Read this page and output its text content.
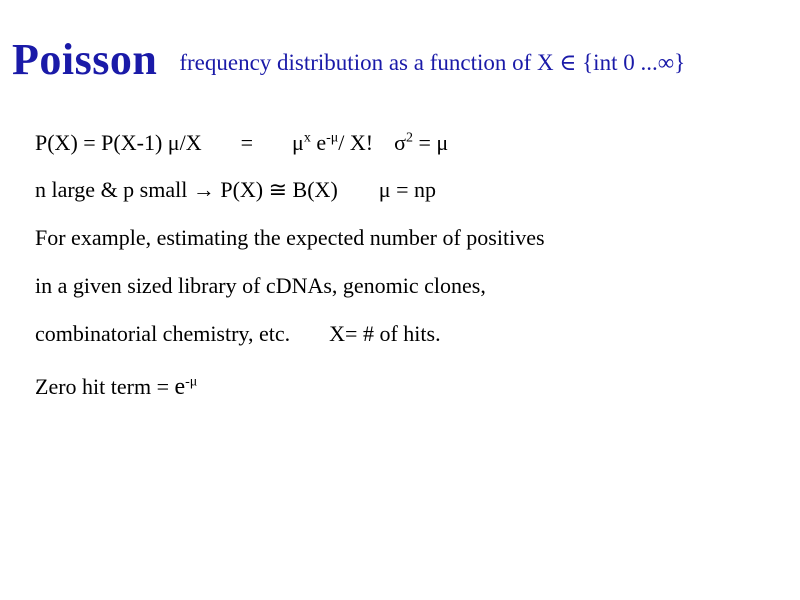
Poisson frequency distribution as a function of X ∈ {int 0 ...∞}
P(X) = P(X-1) $\mu/X = \mu^x$ $e^{-\mu}/$ X! $\sigma^2 = \mu$
n large & p small → P(X) ≅ B(X) μ = np
For example, estimating the expected number of positives
in a given sized library of cDNAs, genomic clones,
combinatorial chemistry, etc. X= # of hits.
Zero hit term = $e^{-\mu}$
